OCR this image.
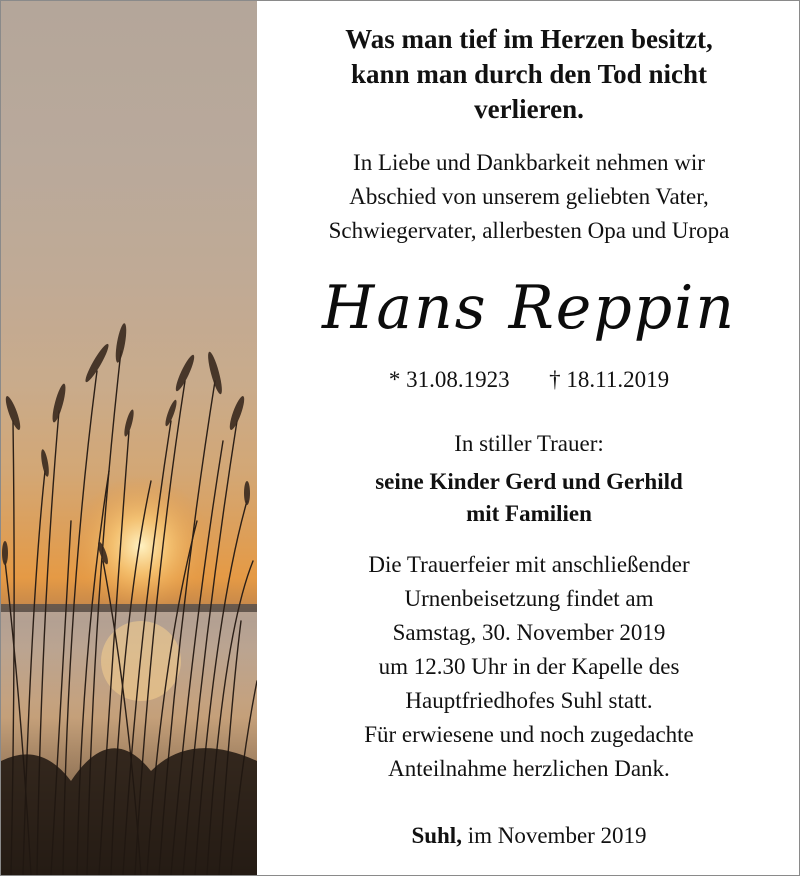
Was man tief im Herzen besitzt,
kann man durch den Tod nicht
verlieren.
In Liebe und Dankbarkeit nehmen wir
Abschied von unserem geliebten Vater,
Schwiegervater, allerbesten Opa und Uropa
Hans Reppin
* 31.08.1923 † 18.11.2019
In stiller Trauer:
seine Kinder Gerd und Gerhild
mit Familien
Die Trauerfeier mit anschließender
Urnenbeisetzung findet am
Samstag, 30. November 2019
um 12.30 Uhr in der Kapelle des
Hauptfriedhofes Suhl statt.
Für erwiesene und noch zugedachte
Anteilnahme herzlichen Dank.
Suhl, im November 2019
